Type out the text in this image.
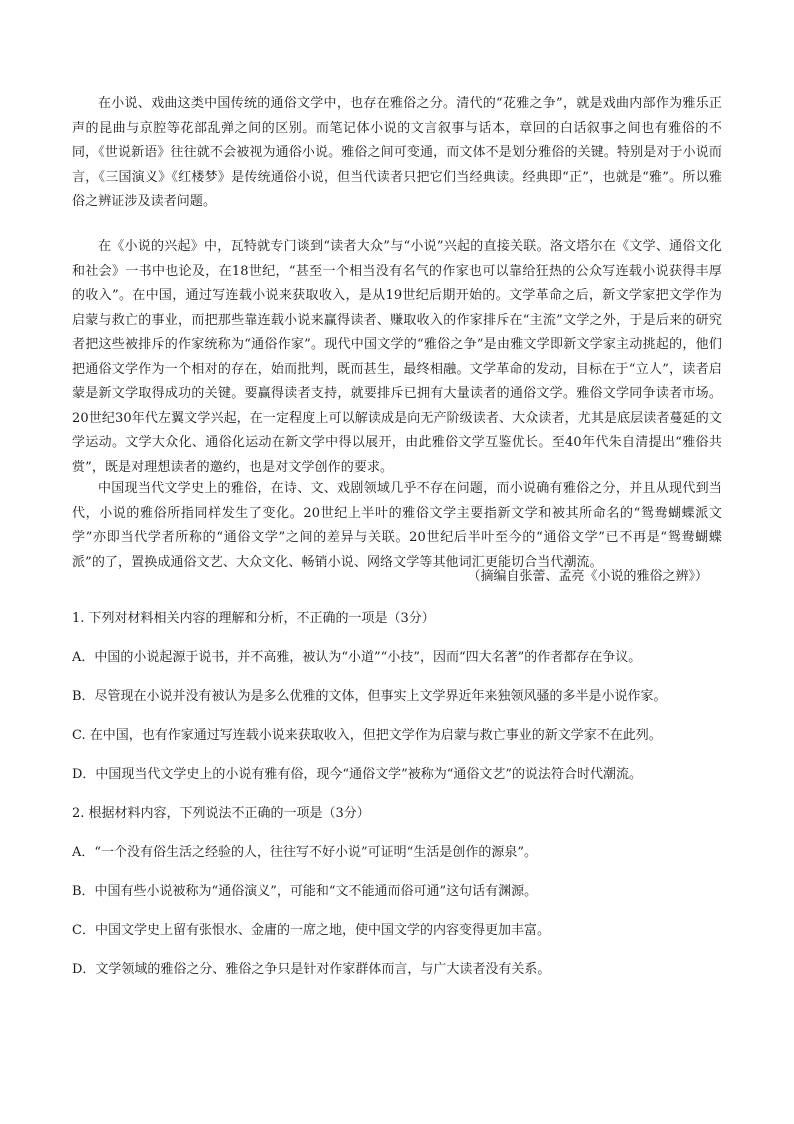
在小说、戏曲这类中国传统的通俗文学中，也存在雅俗之分。清代的“花雅之争”，就是戏曲内部作为雅乐正声的昆曲与京腔等花部乱弹之间的区别。而笔记体小说的文言叙事与话本，章回的白话叙事之间也有雅俗的不同，《世说新语》往往就不会被视为通俗小说。雅俗之间可变通，而文体不是划分雅俗的关键。特别是对于小说而言，《三国演义》《红楼梦》是传统通俗小说，但当代读者只把它们当经典读。经典即“正”，也就是“雅”。所以雅俗之辨证涉及读者问题。

在《小说的兴起》中，瓦特就专门谈到“读者大众”与“小说”兴起的直接关联。洛文塔尔在《文学、通俗文化和社会》一书中也论及，在18世纪，“甚至一个相当没有名气的作家也可以靠给狂热的公众写连载小说获得丰厚的收入”。在中国，通过写连载小说来获取收入，是从19世纪后期开始的。文学革命之后，新文学家把文学作为启蒙与救亡的事业，而把那些靠连载小说来赢得读者、赚取收入的作家排斥在“主流”文学之外，于是后来的研究者把这些被排斥的作家统称为“通俗作家”。现代中国文学的“雅俗之争”是由雅文学即新文学家主动挑起的，他们把通俗文学作为一个相对的存在，始而批判，既而甚生，最终相融。文学革命的发动，目标在于“立人”，读者启蒙是新文学取得成功的关键。要赢得读者支持，就要排斥已拥有大量读者的通俗文学。雅俗文学同争读者市场。20世纪30年代左翼文学兴起，在一定程度上可以解读成是向无产阶级读者、大众读者，尤其是底层读者蔓延的文学运动。文学大众化、通俗化运动在新文学中得以展开，由此雅俗文学互鉴优长。至40年代朱自清提出“雅俗共赏”，既是对理想读者的邀约，也是对文学创作的要求。

中国现当代文学史上的雅俗，在诗、文、戏剧领域几乎不存在问题，而小说确有雅俗之分，并且从现代到当代，小说的雅俗所指同样发生了变化。20世纪上半叶的雅俗文学主要指新文学和被其所命名的“鸳鸯蝴蝶派文学”亦即当代学者所称的“通俗文学”之间的差异与关联。20世纪后半叶至今的“通俗文学”已不再是“鸳鸯蝴蝶派”的了，置换成通俗文艺、大众文化、畅销小说、网络文学等其他词汇更能切合当代潮流。

（摘编自张蕾、孟亮《小说的雅俗之辨》）

1. 下列对材料相关内容的理解和分析，不正确的一项是（3分）

A．中国的小说起源于说书，并不高雅，被认为“小道”“小技”，因而“四大名著”的作者都存在争议。

B．尽管现在小说并没有被认为是多么优雅的文体，但事实上文学界近年来独领风骚的多半是小说作家。

C. 在中国，也有作家通过写连载小说来获取收入，但把文学作为启蒙与救亡事业的新文学家不在此列。

D．中国现当代文学史上的小说有雅有俗，现今“通俗文学”被称为“通俗文艺”的说法符合时代潮流。

2. 根据材料内容，下列说法不正确的一项是（3分）

A．“一个没有俗生活之经验的人，往往写不好小说”可证明“生活是创作的源泉”。

B．中国有些小说被称为“通俗演义”，可能和“文不能通而俗可通”这句话有渊源。

C．中国文学史上留有张恨水、金庸的一席之地，使中国文学的内容变得更加丰富。

D．文学领域的雅俗之分、雅俗之争只是针对作家群体而言，与广大读者没有关系。
